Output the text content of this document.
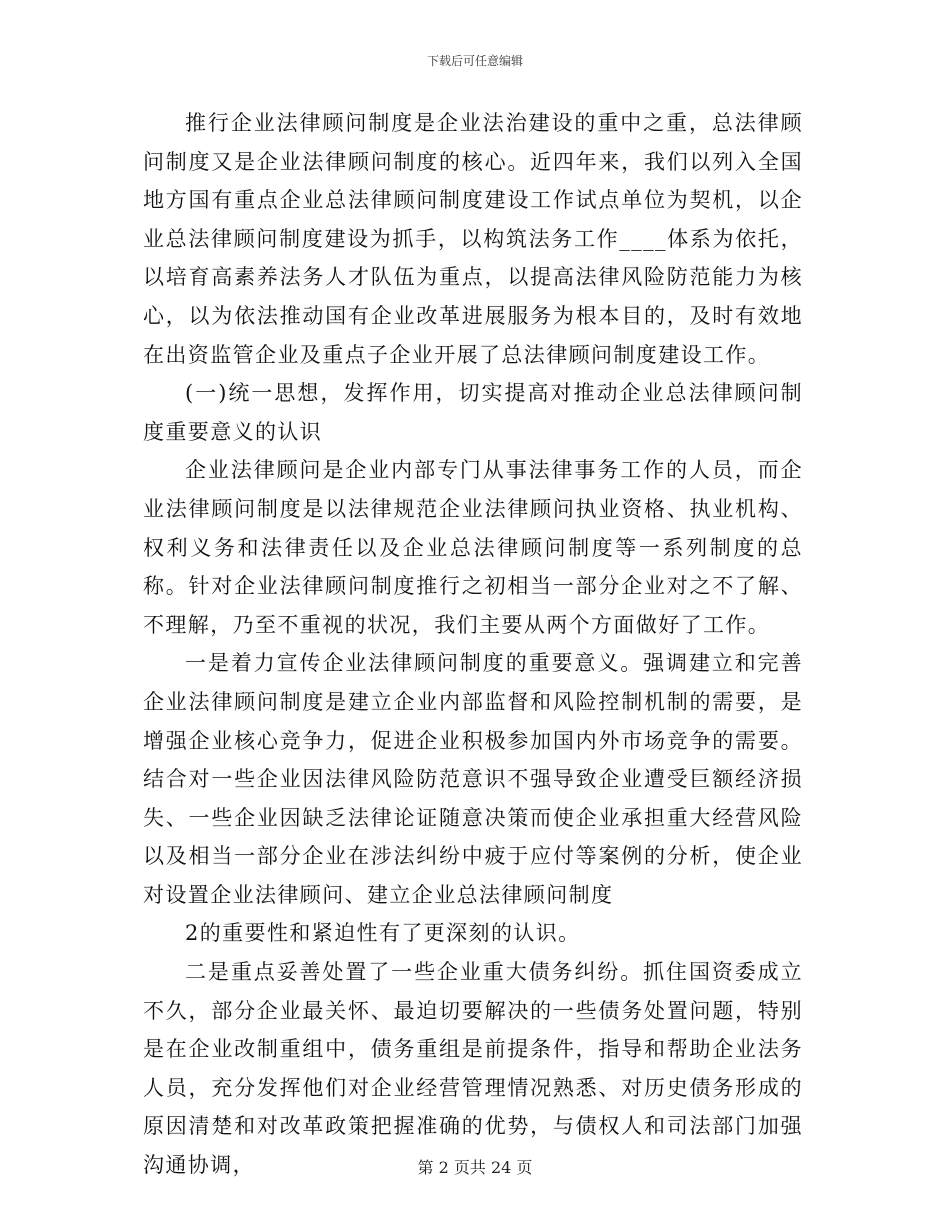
下载后可任意编辑

推行企业法律顾问制度是企业法治建设的重中之重，总法律顾问制度又是企业法律顾问制度的核心。近四年来，我们以列入全国地方国有重点企业总法律顾问制度建设工作试点单位为契机，以企业总法律顾问制度建设为抓手，以构筑法务工作____体系为依托，以培育高素养法务人才队伍为重点，以提高法律风险防范能力为核心，以为依法推动国有企业改革进展服务为根本目的，及时有效地在出资监管企业及重点子企业开展了总法律顾问制度建设工作。

(一)统一思想，发挥作用，切实提高对推动企业总法律顾问制度重要意义的认识

企业法律顾问是企业内部专门从事法律事务工作的人员，而企业法律顾问制度是以法律规范企业法律顾问执业资格、执业机构、权利义务和法律责任以及企业总法律顾问制度等一系列制度的总称。针对企业法律顾问制度推行之初相当一部分企业对之不了解、不理解，乃至不重视的状况，我们主要从两个方面做好了工作。

一是着力宣传企业法律顾问制度的重要意义。强调建立和完善企业法律顾问制度是建立企业内部监督和风险控制机制的需要，是增强企业核心竞争力，促进企业积极参加国内外市场竞争的需要。结合对一些企业因法律风险防范意识不强导致企业遭受巨额经济损失、一些企业因缺乏法律论证随意决策而使企业承担重大经营风险以及相当一部分企业在涉法纠纷中疲于应付等案例的分析，使企业对设置企业法律顾问、建立企业总法律顾问制度

2的重要性和紧迫性有了更深刻的认识。

二是重点妥善处置了一些企业重大债务纠纷。抓住国资委成立不久，部分企业最关怀、最迫切要解决的一些债务处置问题，特别是在企业改制重组中，债务重组是前提条件，指导和帮助企业法务人员，充分发挥他们对企业经营管理情况熟悉、对历史债务形成的原因清楚和对改革政策把握准确的优势，与债权人和司法部门加强沟通协调，	第 2 页共 24 页
